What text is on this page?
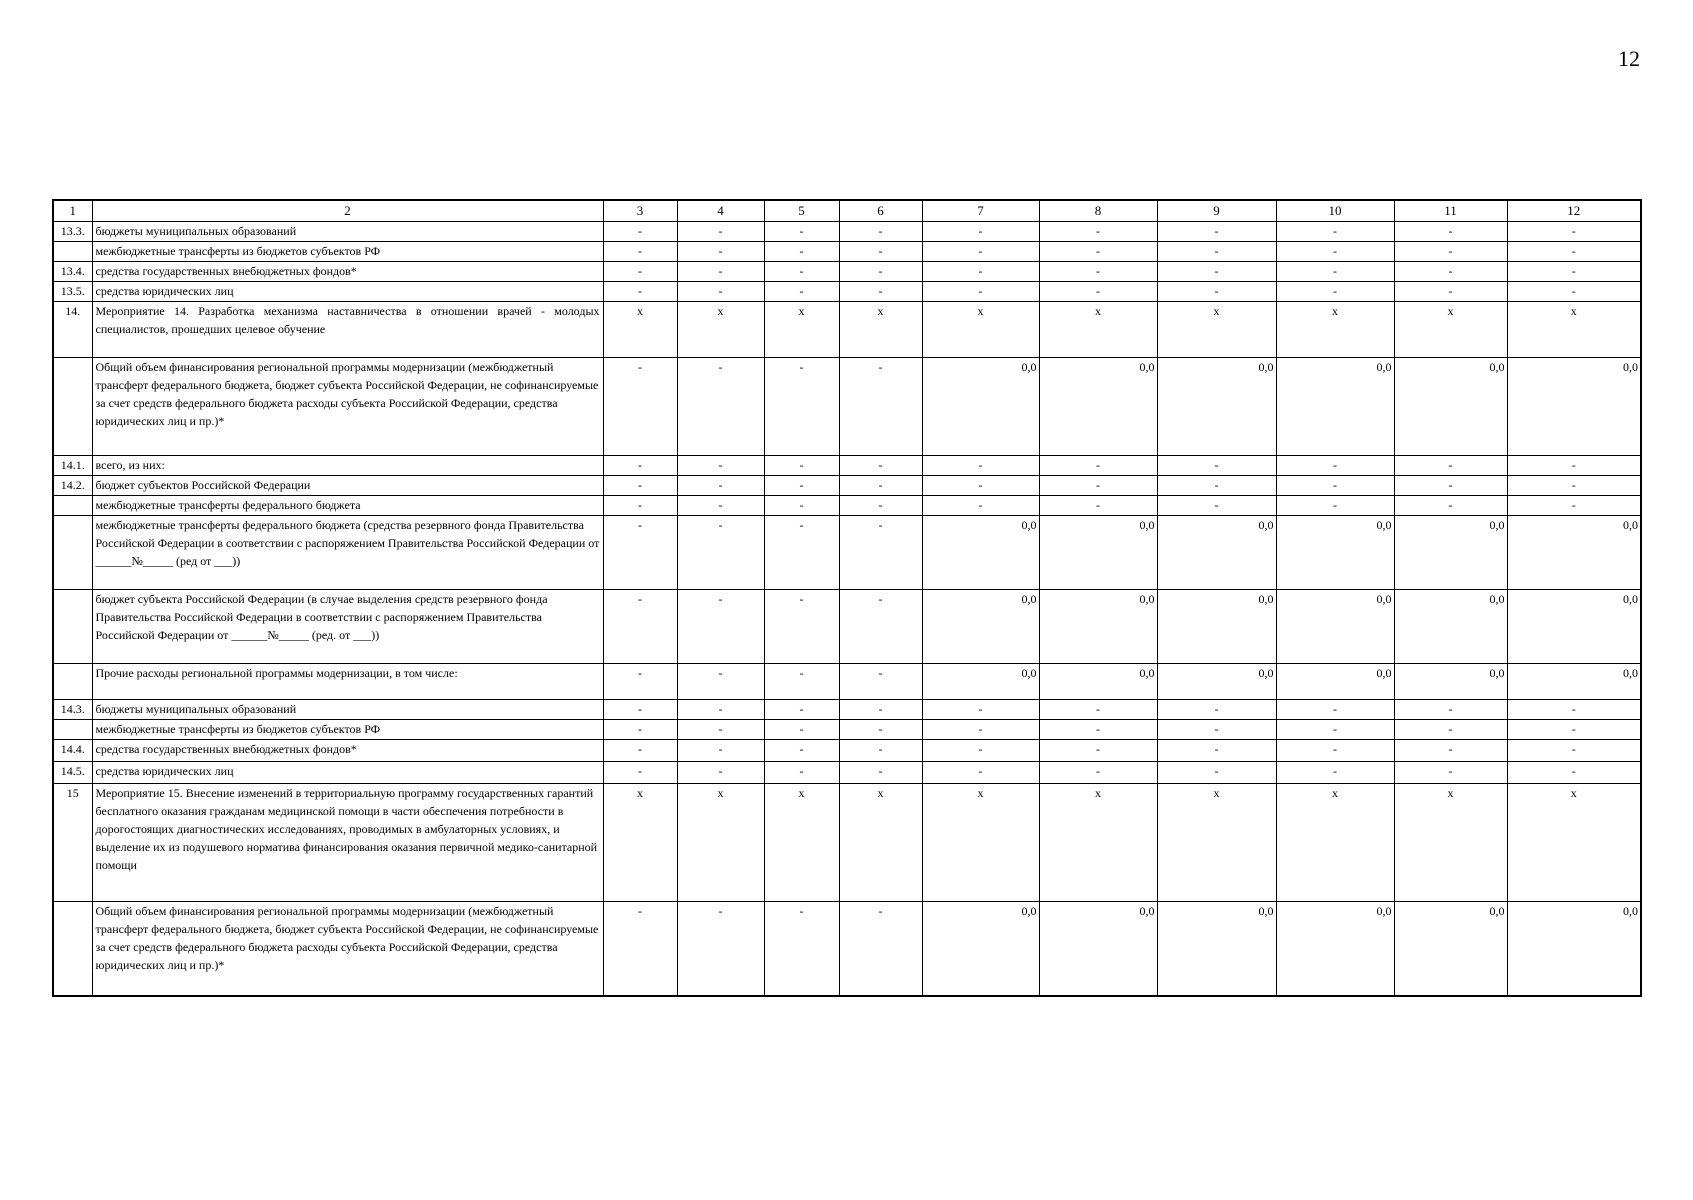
12
1	2	3	4	5	6	7	8	9	10	11	12
13.3.	бюджеты муниципальных образований	-	-	-	-	-	-	-	-	-	-
	межбюджетные трансферты из бюджетов субъектов РФ	-	-	-	-	-	-	-	-	-	-
13.4.	средства государственных внебюджетных фондов*	-	-	-	-	-	-	-	-	-	-
13.5.	средства юридических лиц	-	-	-	-	-	-	-	-	-	-
14.	Мероприятие 14. Разработка механизма наставничества в отношении врачей - молодых специалистов, прошедших целевое обучение	x	x	x	x	x	x	x	x	x	x
	Общий объем финансирования региональной программы модернизации (межбюджетный трансферт федерального бюджета, бюджет субъекта Российской Федерации, не софинансируемые за счет средств федерального бюджета расходы субъекта Российской Федерации, средства юридических лиц и пр.)*	-	-	-	-	0,0	0,0	0,0	0,0	0,0	0,0
14.1.	всего, из них:	-	-	-	-	-	-	-	-	-	-
14.2.	бюджет субъектов Российской Федерации	-	-	-	-	-	-	-	-	-	-
	межбюджетные трансферты федерального бюджета	-	-	-	-	-	-	-	-	-	-
	межбюджетные трансферты федерального бюджета (средства резервного фонда Правительства Российской Федерации в соответствии с распоряжением Правительства Российской Федерации от ______№_____ (ред от ___))	-	-	-	-	0,0	0,0	0,0	0,0	0,0	0,0
	бюджет субъекта Российской Федерации (в случае выделения средств резервного фонда Правительства Российской Федерации в соответствии с распоряжением Правительства Российской Федерации от ______№_____ (ред. от ___))	-	-	-	-	0,0	0,0	0,0	0,0	0,0	0,0
	Прочие расходы региональной программы модернизации, в том числе:	-	-	-	-	0,0	0,0	0,0	0,0	0,0	0,0
14.3.	бюджеты муниципальных образований	-	-	-	-	-	-	-	-	-	-
	межбюджетные трансферты из бюджетов субъектов РФ	-	-	-	-	-	-	-	-	-	-
14.4.	средства государственных внебюджетных фондов*	-	-	-	-	-	-	-	-	-	-
14.5.	средства юридических лиц	-	-	-	-	-	-	-	-	-	-
15	Мероприятие 15. Внесение изменений в территориальную программу государственных гарантий бесплатного оказания гражданам медицинской помощи в части обеспечения потребности в дорогостоящих диагностических исследованиях, проводимых в амбулаторных условиях, и выделение их из подушевого норматива финансирования оказания первичной медико-санитарной помощи	x	x	x	x	x	x	x	x	x	x
	Общий объем финансирования региональной программы модернизации (межбюджетный трансферт федерального бюджета, бюджет субъекта Российской Федерации, не софинансируемые за счет средств федерального бюджета расходы субъекта Российской Федерации, средства юридических лиц и пр.)*	-	-	-	-	0,0	0,0	0,0	0,0	0,0	0,0
